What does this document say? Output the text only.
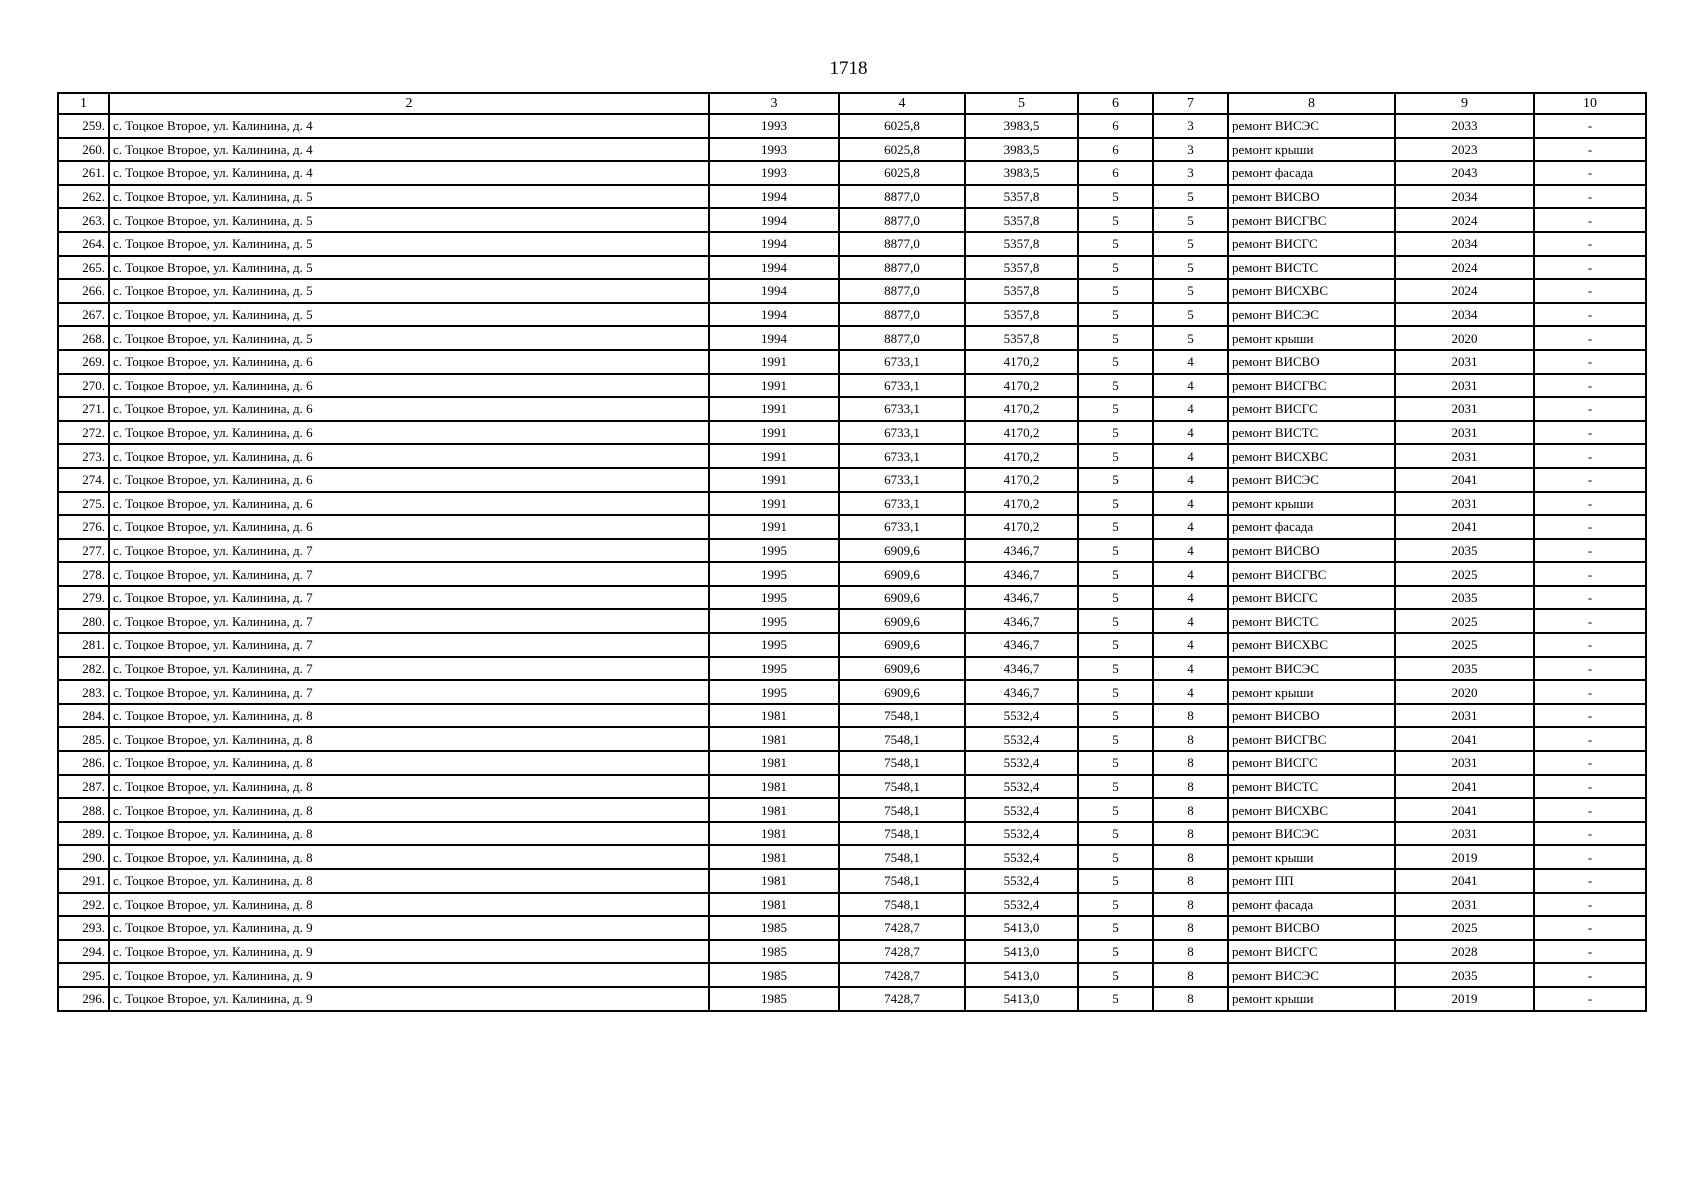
1718
1	2	3	4	5	6	7	8	9	10
259.	с. Тоцкое Второе, ул. Калинина, д. 4	1993	6025,8	3983,5	6	3	ремонт ВИСЭС	2033	-
260.	с. Тоцкое Второе, ул. Калинина, д. 4	1993	6025,8	3983,5	6	3	ремонт крыши	2023	-
261.	с. Тоцкое Второе, ул. Калинина, д. 4	1993	6025,8	3983,5	6	3	ремонт фасада	2043	-
262.	с. Тоцкое Второе, ул. Калинина, д. 5	1994	8877,0	5357,8	5	5	ремонт ВИСВО	2034	-
263.	с. Тоцкое Второе, ул. Калинина, д. 5	1994	8877,0	5357,8	5	5	ремонт ВИСГВС	2024	-
264.	с. Тоцкое Второе, ул. Калинина, д. 5	1994	8877,0	5357,8	5	5	ремонт ВИСГС	2034	-
265.	с. Тоцкое Второе, ул. Калинина, д. 5	1994	8877,0	5357,8	5	5	ремонт ВИСТС	2024	-
266.	с. Тоцкое Второе, ул. Калинина, д. 5	1994	8877,0	5357,8	5	5	ремонт ВИСХВС	2024	-
267.	с. Тоцкое Второе, ул. Калинина, д. 5	1994	8877,0	5357,8	5	5	ремонт ВИСЭС	2034	-
268.	с. Тоцкое Второе, ул. Калинина, д. 5	1994	8877,0	5357,8	5	5	ремонт крыши	2020	-
269.	с. Тоцкое Второе, ул. Калинина, д. 6	1991	6733,1	4170,2	5	4	ремонт ВИСВО	2031	-
270.	с. Тоцкое Второе, ул. Калинина, д. 6	1991	6733,1	4170,2	5	4	ремонт ВИСГВС	2031	-
271.	с. Тоцкое Второе, ул. Калинина, д. 6	1991	6733,1	4170,2	5	4	ремонт ВИСГС	2031	-
272.	с. Тоцкое Второе, ул. Калинина, д. 6	1991	6733,1	4170,2	5	4	ремонт ВИСТС	2031	-
273.	с. Тоцкое Второе, ул. Калинина, д. 6	1991	6733,1	4170,2	5	4	ремонт ВИСХВС	2031	-
274.	с. Тоцкое Второе, ул. Калинина, д. 6	1991	6733,1	4170,2	5	4	ремонт ВИСЭС	2041	-
275.	с. Тоцкое Второе, ул. Калинина, д. 6	1991	6733,1	4170,2	5	4	ремонт крыши	2031	-
276.	с. Тоцкое Второе, ул. Калинина, д. 6	1991	6733,1	4170,2	5	4	ремонт фасада	2041	-
277.	с. Тоцкое Второе, ул. Калинина, д. 7	1995	6909,6	4346,7	5	4	ремонт ВИСВО	2035	-
278.	с. Тоцкое Второе, ул. Калинина, д. 7	1995	6909,6	4346,7	5	4	ремонт ВИСГВС	2025	-
279.	с. Тоцкое Второе, ул. Калинина, д. 7	1995	6909,6	4346,7	5	4	ремонт ВИСГС	2035	-
280.	с. Тоцкое Второе, ул. Калинина, д. 7	1995	6909,6	4346,7	5	4	ремонт ВИСТС	2025	-
281.	с. Тоцкое Второе, ул. Калинина, д. 7	1995	6909,6	4346,7	5	4	ремонт ВИСХВС	2025	-
282.	с. Тоцкое Второе, ул. Калинина, д. 7	1995	6909,6	4346,7	5	4	ремонт ВИСЭС	2035	-
283.	с. Тоцкое Второе, ул. Калинина, д. 7	1995	6909,6	4346,7	5	4	ремонт крыши	2020	-
284.	с. Тоцкое Второе, ул. Калинина, д. 8	1981	7548,1	5532,4	5	8	ремонт ВИСВО	2031	-
285.	с. Тоцкое Второе, ул. Калинина, д. 8	1981	7548,1	5532,4	5	8	ремонт ВИСГВС	2041	-
286.	с. Тоцкое Второе, ул. Калинина, д. 8	1981	7548,1	5532,4	5	8	ремонт ВИСГС	2031	-
287.	с. Тоцкое Второе, ул. Калинина, д. 8	1981	7548,1	5532,4	5	8	ремонт ВИСТС	2041	-
288.	с. Тоцкое Второе, ул. Калинина, д. 8	1981	7548,1	5532,4	5	8	ремонт ВИСХВС	2041	-
289.	с. Тоцкое Второе, ул. Калинина, д. 8	1981	7548,1	5532,4	5	8	ремонт ВИСЭС	2031	-
290.	с. Тоцкое Второе, ул. Калинина, д. 8	1981	7548,1	5532,4	5	8	ремонт крыши	2019	-
291.	с. Тоцкое Второе, ул. Калинина, д. 8	1981	7548,1	5532,4	5	8	ремонт ПП	2041	-
292.	с. Тоцкое Второе, ул. Калинина, д. 8	1981	7548,1	5532,4	5	8	ремонт фасада	2031	-
293.	с. Тоцкое Второе, ул. Калинина, д. 9	1985	7428,7	5413,0	5	8	ремонт ВИСВО	2025	-
294.	с. Тоцкое Второе, ул. Калинина, д. 9	1985	7428,7	5413,0	5	8	ремонт ВИСГС	2028	-
295.	с. Тоцкое Второе, ул. Калинина, д. 9	1985	7428,7	5413,0	5	8	ремонт ВИСЭС	2035	-
296.	с. Тоцкое Второе, ул. Калинина, д. 9	1985	7428,7	5413,0	5	8	ремонт крыши	2019	-
